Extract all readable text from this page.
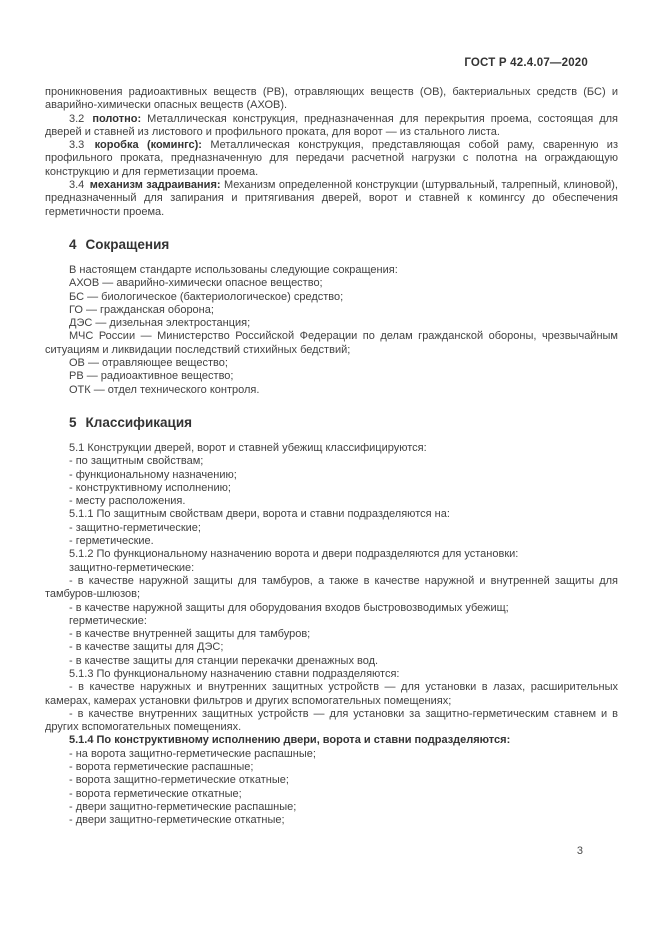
ГОСТ Р 42.4.07—2020

проникновения радиоактивных веществ (РВ), отравляющих веществ (ОВ), бактериальных средств (БС) и аварийно-химически опасных веществ (АХОВ).

3.2 полотно: Металлическая конструкция, предназначенная для перекрытия проема, состоящая для дверей и ставней из листового и профильного проката, для ворот — из стального листа.

3.3 коробка (комингс): Металлическая конструкция, представляющая собой раму, сваренную из профильного проката, предназначенную для передачи расчетной нагрузки с полотна на ограждающую конструкцию и для герметизации проема.

3.4 механизм задраивания: Механизм определенной конструкции (штурвальный, талрепный, клиновой), предназначенный для запирания и притягивания дверей, ворот и ставней к комингсу до обеспечения герметичности проема.

4 Сокращения

В настоящем стандарте использованы следующие сокращения:

АХОВ — аварийно-химически опасное вещество;

БС — биологическое (бактериологическое) средство;

ГО — гражданская оборона;

ДЭС — дизельная электростанция;

МЧС России — Министерство Российской Федерации по делам гражданской обороны, чрезвычайным ситуациям и ликвидации последствий стихийных бедствий;

ОВ — отравляющее вещество;

РВ — радиоактивное вещество;

ОТК — отдел технического контроля.

5 Классификация

5.1 Конструкции дверей, ворот и ставней убежищ классифицируются:

- по защитным свойствам;

- функциональному назначению;

- конструктивному исполнению;

- месту расположения.

5.1.1 По защитным свойствам двери, ворота и ставни подразделяются на:

- защитно-герметические;

- герметические.

5.1.2 По функциональному назначению ворота и двери подразделяются для установки:

защитно-герметические:

- в качестве наружной защиты для тамбуров, а также в качестве наружной и внутренней защиты для тамбуров-шлюзов;

- в качестве наружной защиты для оборудования входов быстровозводимых убежищ;

герметические:

- в качестве внутренней защиты для тамбуров;

- в качестве защиты для ДЭС;

- в качестве защиты для станции перекачки дренажных вод.

5.1.3 По функциональному назначению ставни подразделяются:

- в качестве наружных и внутренних защитных устройств — для установки в лазах, расширительных камерах, камерах установки фильтров и других вспомогательных помещениях;

- в качестве внутренних защитных устройств — для установки за защитно-герметическим ставнем и в других вспомогательных помещениях.

5.1.4 По конструктивному исполнению двери, ворота и ставни подразделяются:

- на ворота защитно-герметические распашные;

- ворота герметические распашные;

- ворота защитно-герметические откатные;

- ворота герметические откатные;

- двери защитно-герметические распашные;

- двери защитно-герметические откатные;

3
